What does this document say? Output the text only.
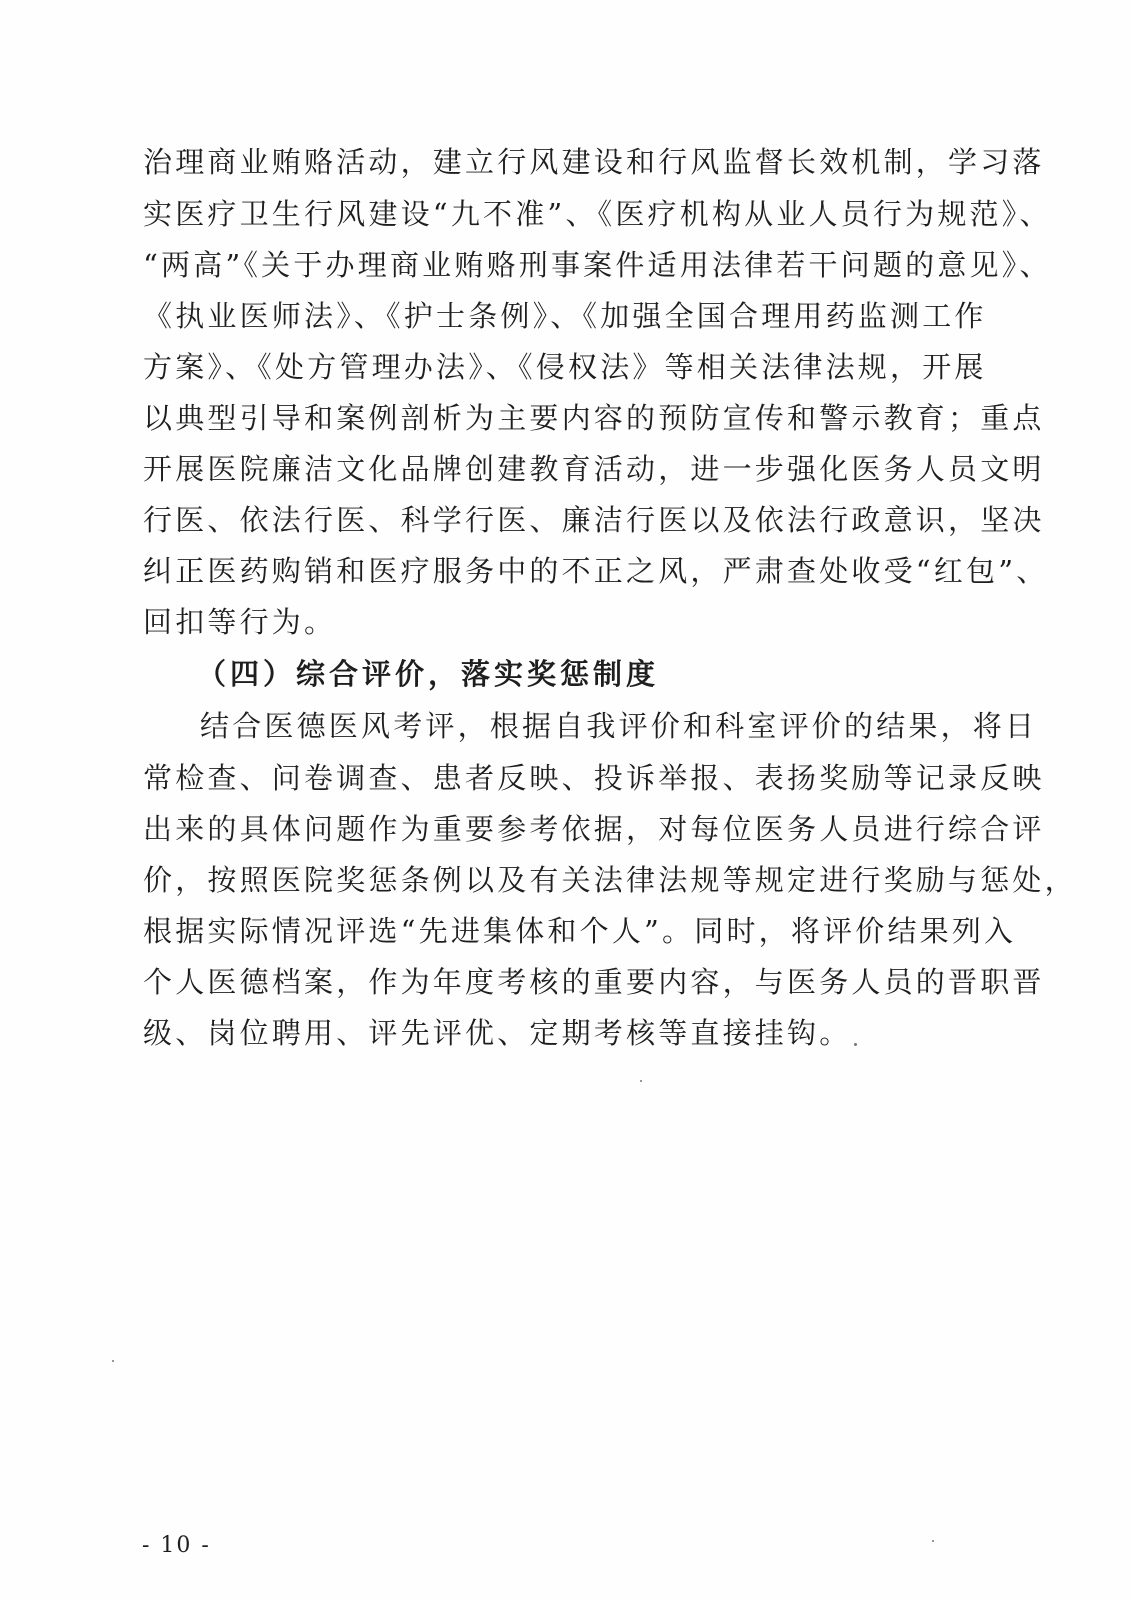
治理商业贿赂活动，建立行风建设和行风监督长效机制，学习落
实医疗卫生行风建设“九不准”、《医疗机构从业人员行为规范》、
“两高”《关于办理商业贿赂刑事案件适用法律若干问题的意见》、
《执业医师法》、《护士条例》、《加强全国合理用药监测工作
方案》、《处方管理办法》、《侵权法》等相关法律法规，开展
以典型引导和案例剖析为主要内容的预防宣传和警示教育；重点
开展医院廉洁文化品牌创建教育活动，进一步强化医务人员文明
行医、依法行医、科学行医、廉洁行医以及依法行政意识，坚决
纠正医药购销和医疗服务中的不正之风，严肃查处收受“红包”、
回扣等行为。
（四）综合评价，落实奖惩制度
结合医德医风考评，根据自我评价和科室评价的结果，将日
常检查、问卷调查、患者反映、投诉举报、表扬奖励等记录反映
出来的具体问题作为重要参考依据，对每位医务人员进行综合评
价，按照医院奖惩条例以及有关法律法规等规定进行奖励与惩处，
根据实际情况评选“先进集体和个人”。同时，将评价结果列入
个人医德档案，作为年度考核的重要内容，与医务人员的晋职晋
级、岗位聘用、评先评优、定期考核等直接挂钩。
- 10 -
